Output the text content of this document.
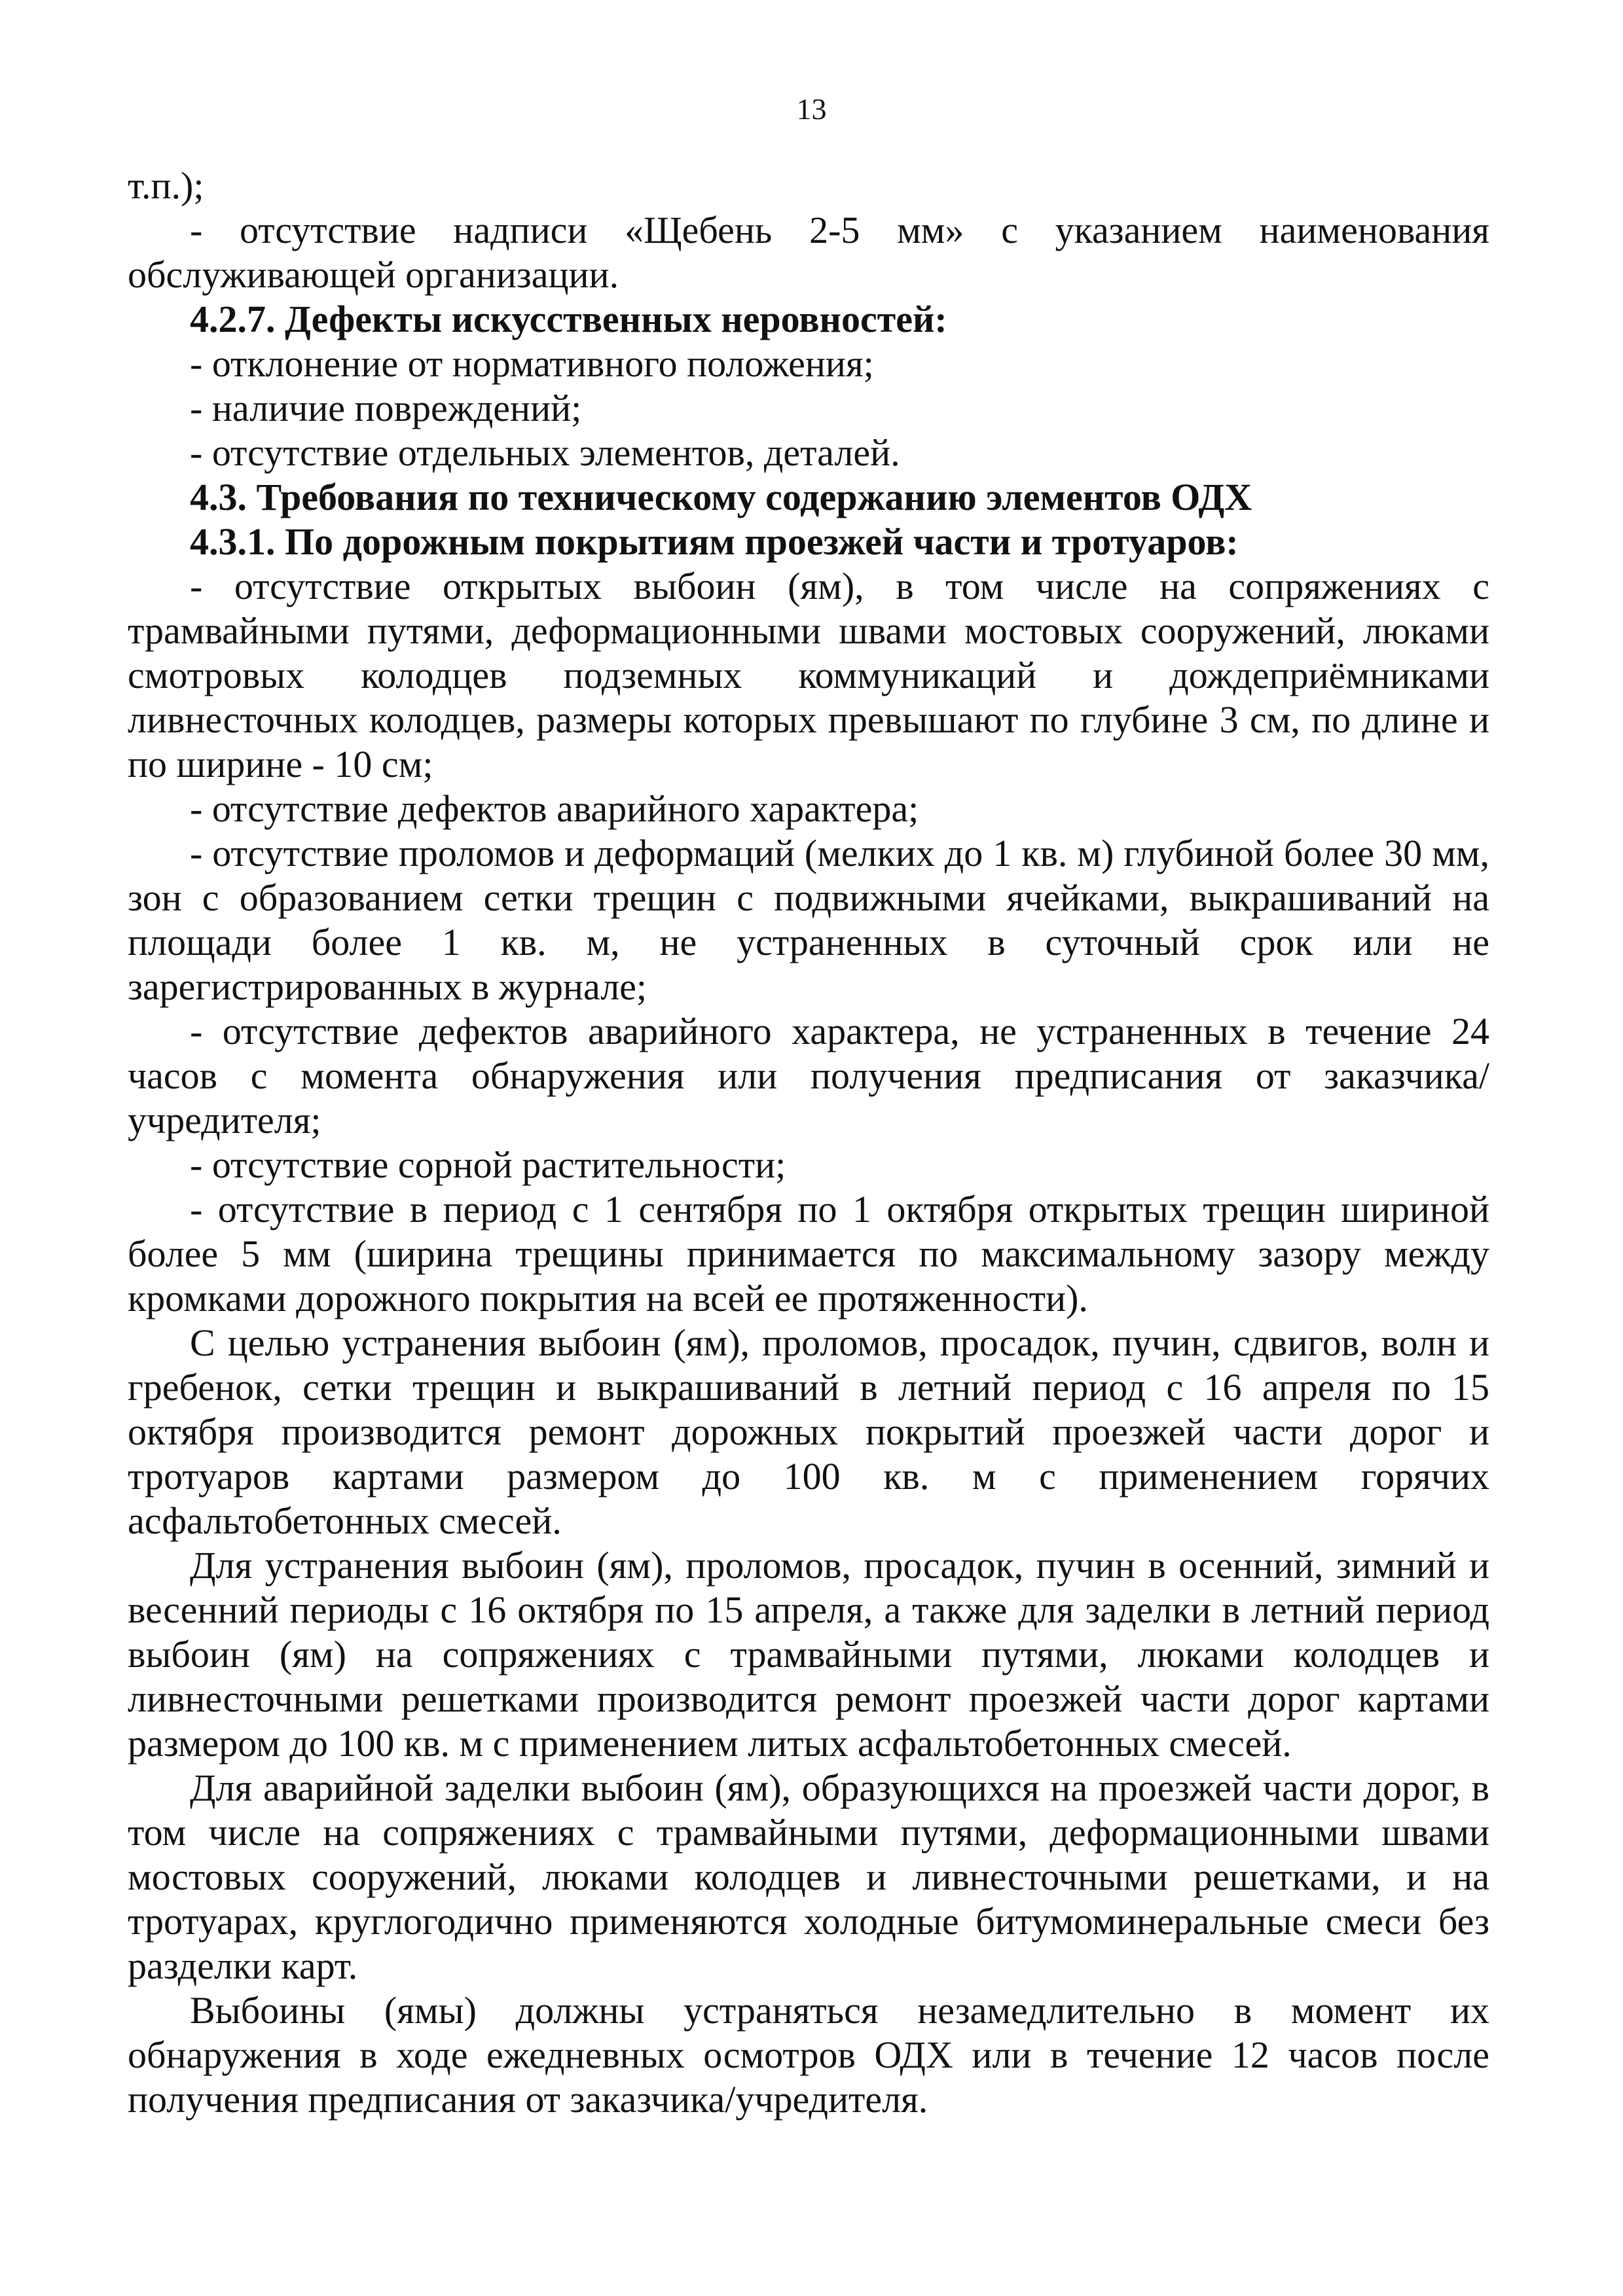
13

т.п.);

- отсутствие надписи «Щебень 2-5 мм» с указанием наименования обслуживающей организации.

4.2.7. Дефекты искусственных неровностей:

- отклонение от нормативного положения;

- наличие повреждений;

- отсутствие отдельных элементов, деталей.

4.3. Требования по техническому содержанию элементов ОДХ

4.3.1. По дорожным покрытиям проезжей части и тротуаров:

- отсутствие открытых выбоин (ям), в том числе на сопряжениях с трамвайными путями, деформационными швами мостовых сооружений, люками смотровых колодцев подземных коммуникаций и дождеприёмниками ливнесточных колодцев, размеры которых превышают по глубине 3 см, по длине и по ширине - 10 см;

- отсутствие дефектов аварийного характера;

- отсутствие проломов и деформаций (мелких до 1 кв. м) глубиной более 30 мм, зон с образованием сетки трещин с подвижными ячейками, выкрашиваний на площади более 1 кв. м, не устраненных в суточный срок или не зарегистрированных в журнале;

- отсутствие дефектов аварийного характера, не устраненных в течение 24 часов с момента обнаружения или получения предписания от заказчика/учредителя;

- отсутствие сорной растительности;

- отсутствие в период с 1 сентября по 1 октября открытых трещин шириной более 5 мм (ширина трещины принимается по максимальному зазору между кромками дорожного покрытия на всей ее протяженности).

С целью устранения выбоин (ям), проломов, просадок, пучин, сдвигов, волн и гребенок, сетки трещин и выкрашиваний в летний период с 16 апреля по 15 октября производится ремонт дорожных покрытий проезжей части дорог и тротуаров картами размером до 100 кв. м с применением горячих асфальтобетонных смесей.

Для устранения выбоин (ям), проломов, просадок, пучин в осенний, зимний и весенний периоды с 16 октября по 15 апреля, а также для заделки в летний период выбоин (ям) на сопряжениях с трамвайными путями, люками колодцев и ливнесточными решетками производится ремонт проезжей части дорог картами размером до 100 кв. м с применением литых асфальтобетонных смесей.

Для аварийной заделки выбоин (ям), образующихся на проезжей части дорог, в том числе на сопряжениях с трамвайными путями, деформационными швами мостовых сооружений, люками колодцев и ливнесточными решетками, и на тротуарах, круглогодично применяются холодные битумоминеральные смеси без разделки карт.

Выбоины (ямы) должны устраняться незамедлительно в момент их обнаружения в ходе ежедневных осмотров ОДХ или в течение 12 часов после получения предписания от заказчика/учредителя.
